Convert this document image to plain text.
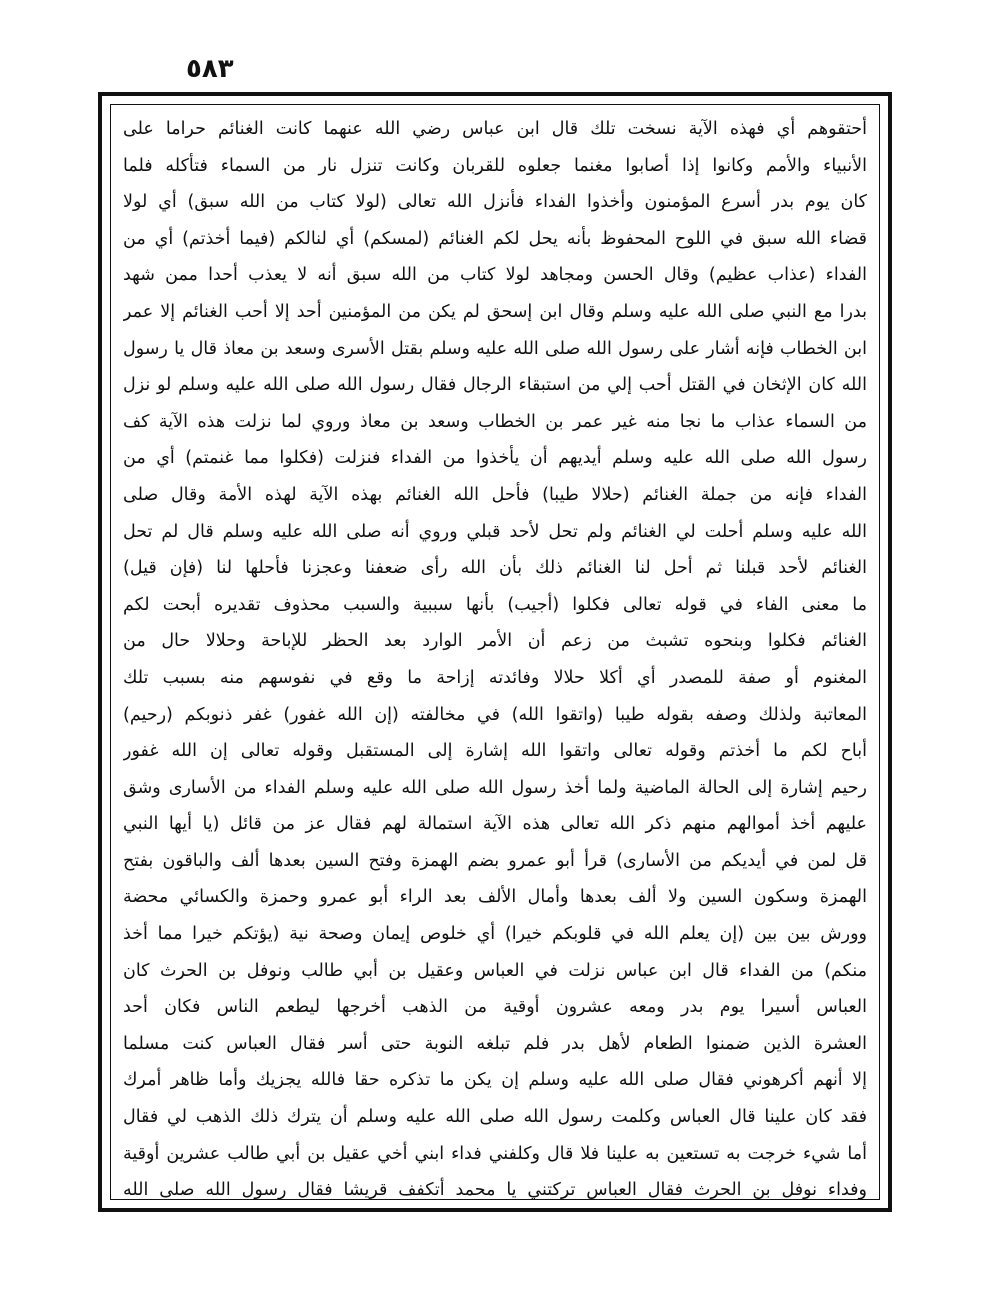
٥٨٣
أحتقوهم أي فهذه الآية نسخت تلك قال ابن عباس رضي الله عنهما كانت الغنائم حراما على
الأنبياء والأمم وكانوا إذا أصابوا مغنما جعلوه للقربان وكانت تنزل نار من السماء فتأكله فلما
كان يوم بدر أسرع المؤمنون وأخذوا الفداء فأنزل الله تعالى (لولا كتاب من الله سبق) أي لولا
قضاء الله سبق في اللوح المحفوظ بأنه يحل لكم الغنائم (لمسكم) أي لنالكم (فيما أخذتم) أي من
الفداء (عذاب عظيم) وقال الحسن ومجاهد لولا كتاب من الله سبق أنه لا يعذب أحدا ممن شهد
بدرا مع النبي صلى الله عليه وسلم وقال ابن إسحق لم يكن من المؤمنين أحد إلا أحب الغنائم إلا عمر
ابن الخطاب فإنه أشار على رسول الله صلى الله عليه وسلم بقتل الأسرى وسعد بن معاذ قال يا رسول
الله كان الإثخان في القتل أحب إلي من استبقاء الرجال فقال رسول الله صلى الله عليه وسلم لو نزل
من السماء عذاب ما نجا منه غير عمر بن الخطاب وسعد بن معاذ وروي لما نزلت هذه الآية كف
رسول الله صلى الله عليه وسلم أيديهم أن يأخذوا من الفداء فنزلت (فكلوا مما غنمتم) أي من
الفداء فإنه من جملة الغنائم (حلالا طيبا) فأحل الله الغنائم بهذه الآية لهذه الأمة وقال صلى
الله عليه وسلم أحلت لي الغنائم ولم تحل لأحد قبلي وروي أنه صلى الله عليه وسلم قال لم تحل
الغنائم لأحد قبلنا ثم أحل لنا الغنائم ذلك بأن الله رأى ضعفنا وعجزنا فأحلها لنا (فإن قيل)
ما معنى الفاء في قوله تعالى فكلوا (أجيب) بأنها سببية والسبب محذوف تقديره أبحت لكم
الغنائم فكلوا وبنحوه تشبث من زعم أن الأمر الوارد بعد الحظر للإباحة وحلالا حال من
المغنوم أو صفة للمصدر أي أكلا حلالا وفائدته إزاحة ما وقع في نفوسهم منه بسبب تلك
المعاتبة ولذلك وصفه بقوله طيبا (واتقوا الله) في مخالفته (إن الله غفور) غفر ذنوبكم (رحيم)
أباح لكم ما أخذتم وقوله تعالى واتقوا الله إشارة إلى المستقبل وقوله تعالى إن الله غفور
رحيم إشارة إلى الحالة الماضية ولما أخذ رسول الله صلى الله عليه وسلم الفداء من الأسارى وشق
عليهم أخذ أموالهم منهم ذكر الله تعالى هذه الآية استمالة لهم فقال عز من قائل (يا أيها النبي
قل لمن في أيديكم من الأسارى) قرأ أبو عمرو بضم الهمزة وفتح السين بعدها ألف والباقون بفتح
الهمزة وسكون السين ولا ألف بعدها وأمال الألف بعد الراء أبو عمرو وحمزة والكسائي محضة
وورش بين بين (إن يعلم الله في قلوبكم خيرا) أي خلوص إيمان وصحة نية (يؤتكم خيرا مما أخذ
منكم) من الفداء قال ابن عباس نزلت في العباس وعقيل بن أبي طالب ونوفل بن الحرث كان
العباس أسيرا يوم بدر ومعه عشرون أوقية من الذهب أخرجها ليطعم الناس فكان أحد
العشرة الذين ضمنوا الطعام لأهل بدر فلم تبلغه النوبة حتى أسر فقال العباس كنت مسلما
إلا أنهم أكرهوني فقال صلى الله عليه وسلم إن يكن ما تذكره حقا فالله يجزيك وأما ظاهر أمرك
فقد كان علينا قال العباس وكلمت رسول الله صلى الله عليه وسلم أن يترك ذلك الذهب لي فقال
أما شيء خرجت به تستعين به علينا فلا قال وكلفني فداء ابني أخي عقيل بن أبي طالب عشرين أوقية
وفداء نوفل بن الحرث فقال العباس تركتني يا محمد أتكفف قريشا فقال رسول الله صلى الله
